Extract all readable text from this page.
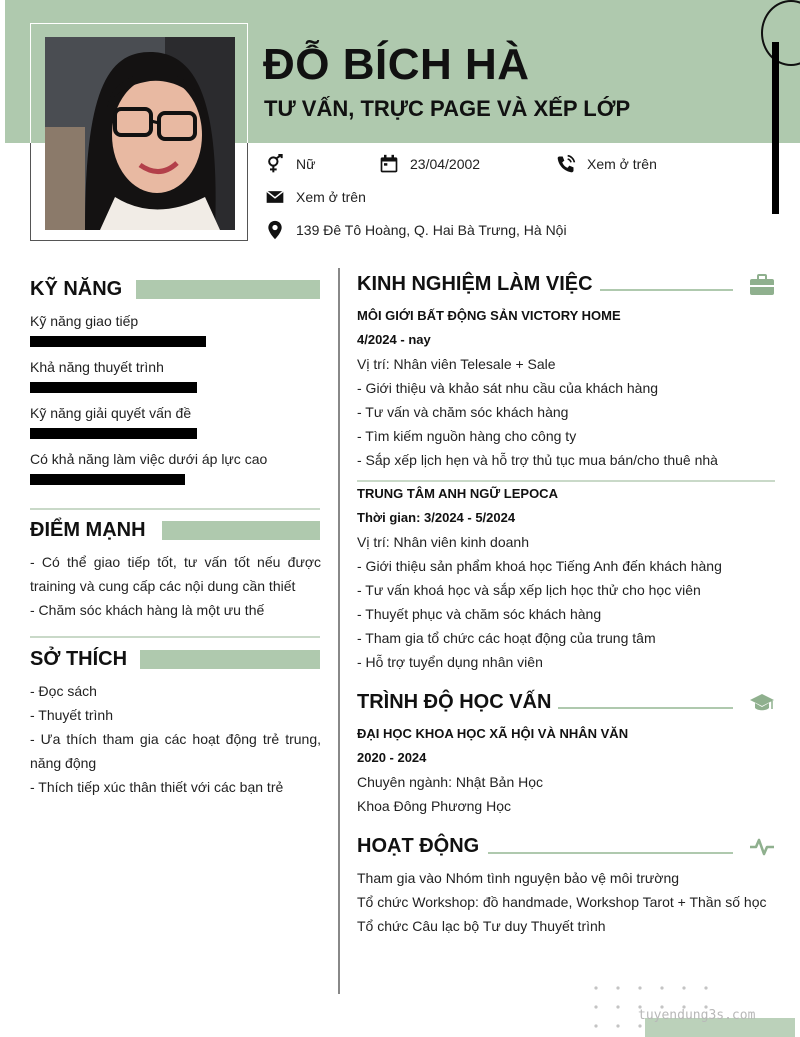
ĐỖ BÍCH HÀ
TƯ VẤN, TRỰC PAGE VÀ XẾP LỚP
Nữ	23/04/2002	Xem ở trên
Xem ở trên
139 Đê Tô Hoàng, Q. Hai Bà Trưng, Hà Nội
KỸ NĂNG
Kỹ năng giao tiếp
Khả năng thuyết trình
Kỹ năng giải quyết vấn đề
Có khả năng làm việc dưới áp lực cao
ĐIỂM MẠNH
- Có thể giao tiếp tốt, tư vấn tốt nếu được training và cung cấp các nội dung cần thiết
- Chăm sóc khách hàng là một ưu thế
SỞ THÍCH
- Đọc sách
- Thuyết trình
- Ưa thích tham gia các hoạt động trẻ trung, năng động
- Thích tiếp xúc thân thiết với các bạn trẻ
KINH NGHIỆM LÀM VIỆC
MÔI GIỚI BẤT ĐỘNG SẢN VICTORY HOME
4/2024 - nay
Vị trí: Nhân viên Telesale + Sale
- Giới thiệu và khảo sát nhu cầu của khách hàng
- Tư vấn và chăm sóc khách hàng
- Tìm kiếm nguồn hàng cho công ty
- Sắp xếp lịch hẹn và hỗ trợ thủ tục mua bán/cho thuê nhà
TRUNG TÂM ANH NGỮ LEPOCA
Thời gian: 3/2024 - 5/2024
Vị trí: Nhân viên kinh doanh
- Giới thiệu sản phẩm khoá học Tiếng Anh đến khách hàng
- Tư vấn khoá học và sắp xếp lịch học thử cho học viên
- Thuyết phục và chăm sóc khách hàng
- Tham gia tổ chức các hoạt động của trung tâm
- Hỗ trợ tuyển dụng nhân viên
TRÌNH ĐỘ HỌC VẤN
ĐẠI HỌC KHOA HỌC XÃ HỘI VÀ NHÂN VĂN
2020 - 2024
Chuyên ngành: Nhật Bản Học
Khoa Đông Phương Học
HOẠT ĐỘNG
Tham gia vào Nhóm tình nguyện bảo vệ môi trường
Tổ chức Workshop: đồ handmade, Workshop Tarot + Thần số học
Tổ chức Câu lạc bộ Tư duy Thuyết trình
tuyendung3s.com
